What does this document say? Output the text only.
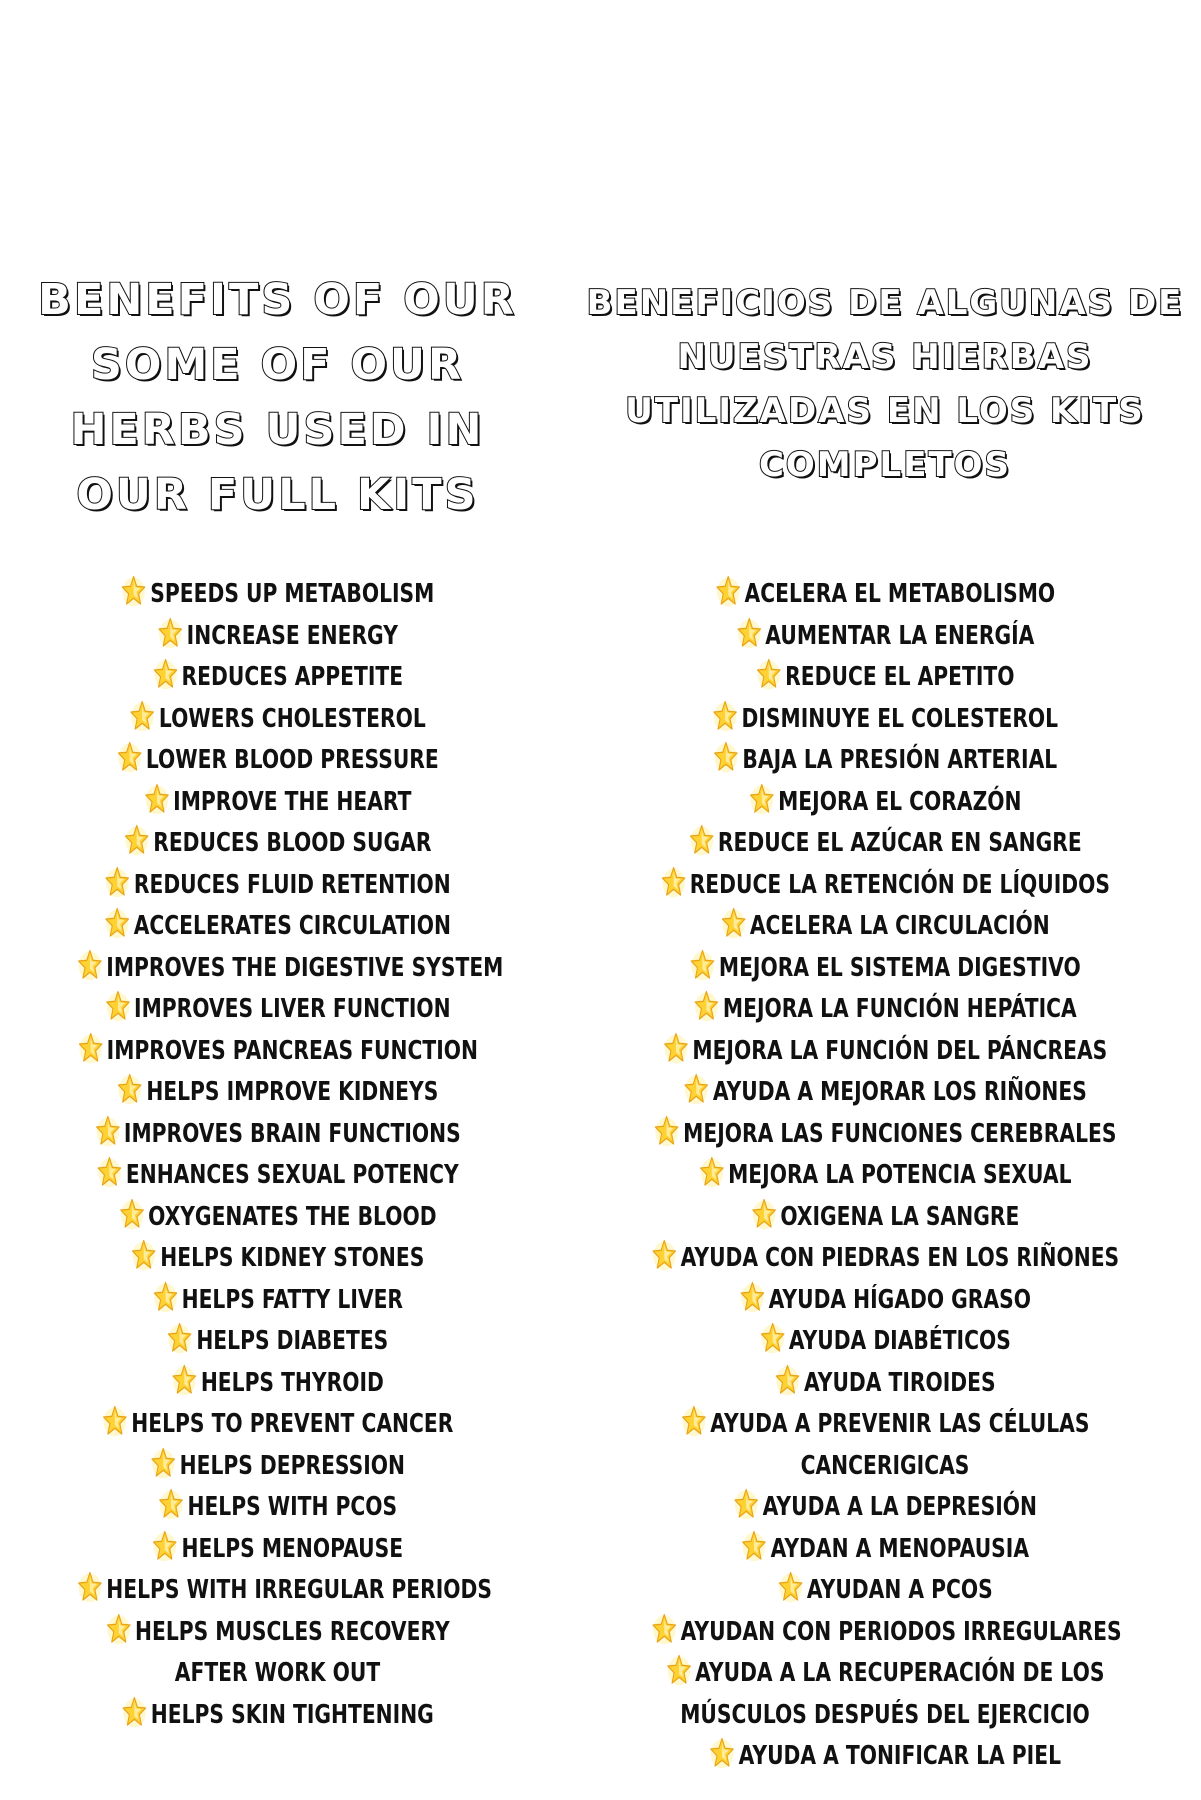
BENEFITS OF OUR SOME OF OUR HERBS USED IN OUR FULL KITS
SPEEDS UP METABOLISM
INCREASE ENERGY
REDUCES APPETITE
LOWERS CHOLESTEROL
LOWER BLOOD PRESSURE
IMPROVE THE HEART
REDUCES BLOOD SUGAR
REDUCES FLUID RETENTION
ACCELERATES CIRCULATION
IMPROVES THE DIGESTIVE SYSTEM
IMPROVES LIVER FUNCTION
IMPROVES PANCREAS FUNCTION
HELPS IMPROVE KIDNEYS
IMPROVES BRAIN FUNCTIONS
ENHANCES SEXUAL POTENCY
OXYGENATES THE BLOOD
HELPS KIDNEY STONES
HELPS FATTY LIVER
HELPS DIABETES
HELPS THYROID
HELPS TO PREVENT CANCER
HELPS DEPRESSION
HELPS WITH PCOS
HELPS MENOPAUSE
HELPS WITH IRREGULAR PERIODS
HELPS MUSCLES RECOVERY AFTER WORK OUT
HELPS SKIN TIGHTENING
BENEFICIOS DE ALGUNAS DE NUESTRAS HIERBAS UTILIZADAS EN LOS KITS COMPLETOS
ACELERA EL METABOLISMO
AUMENTAR LA ENERGÍA
REDUCE EL APETITO
DISMINUYE EL COLESTEROL
BAJA LA PRESIÓN ARTERIAL
MEJORA EL CORAZÓN
REDUCE EL AZÚCAR EN SANGRE
REDUCE LA RETENCIÓN DE LÍQUIDOS
ACELERA LA CIRCULACIÓN
MEJORA EL SISTEMA DIGESTIVO
MEJORA LA FUNCIÓN HEPÁTICA
MEJORA LA FUNCIÓN DEL PÁNCREAS
AYUDA A MEJORAR LOS RIÑONES
MEJORA LAS FUNCIONES CEREBRALES
MEJORA LA POTENCIA SEXUAL
OXIGENA LA SANGRE
AYUDA CON PIEDRAS EN LOS RIÑONES
AYUDA HÍGADO GRASO
AYUDA DIABÉTICOS
AYUDA TIROIDES
AYUDA A PREVENIR LAS CÉLULAS CANCERIGICAS
AYUDA A LA DEPRESIÓN
AYDAN A MENOPAUSIA
AYUDAN A PCOS
AYUDAN CON PERIODOS IRREGULARES
AYUDA A LA RECUPERACIÓN DE LOS MÚSCULOS DESPUÉS DEL EJERCICIO
AYUDA A TONIFICAR LA PIEL
